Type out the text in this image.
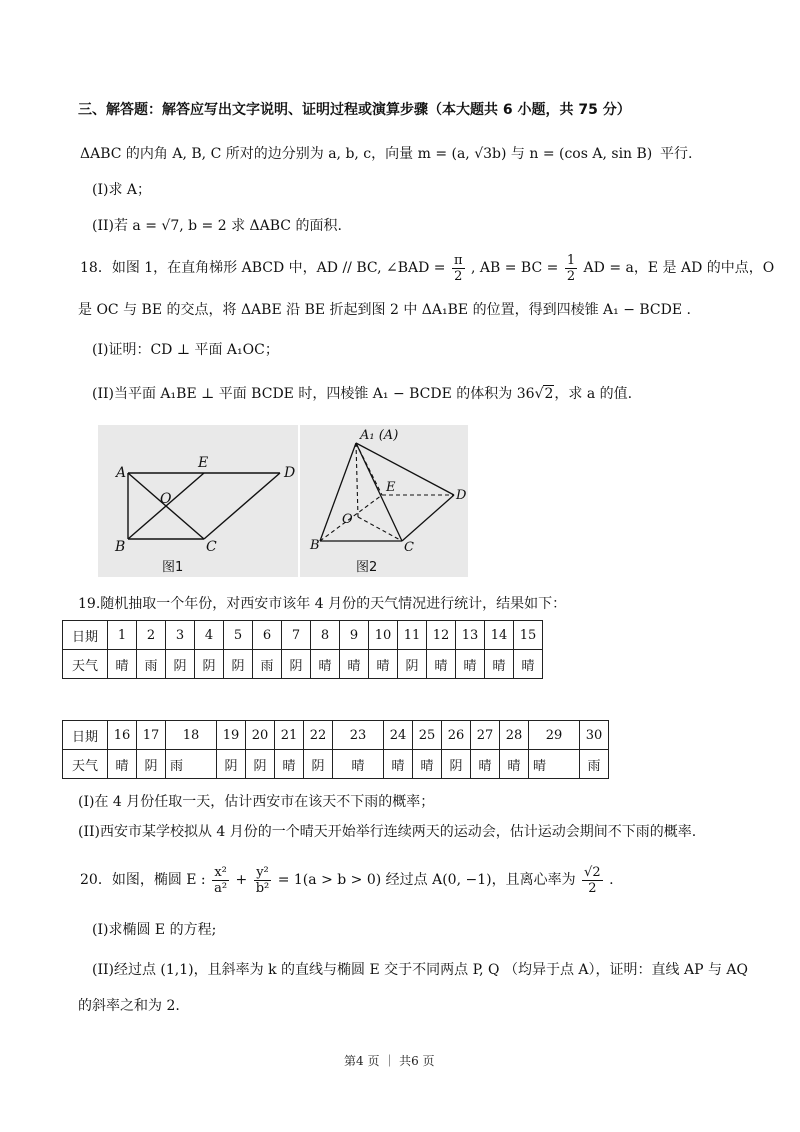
三、解答题：解答应写出文字说明、证明过程或演算步骤（本大题共 6 小题，共 75 分）
ΔABC 的内角 A, B, C 所对的边分别为 a, b, c，向量 m = (a, √3b) 与 n = (cos A, sin B) 平行.
(I)求 A；
(II)若 a = √7, b = 2 求 ΔABC 的面积.
18．如图 1，在直角梯形 ABCD 中，AD // BC, ∠BAD = $\frac{\pi}{2}$ , AB = BC = $\frac{1}{2}$ AD = a，E 是 AD 的中点，O
是 OC 与 BE 的交点，将 ΔABE 沿 BE 折起到图 2 中 ΔA₁BE 的位置，得到四棱锥 A₁ − BCDE .
(I)证明：CD ⊥ 平面 A₁OC；
(II)当平面 A₁BE ⊥ 平面 BCDE 时，四棱锥 A₁ − BCDE 的体积为 36√2，求 a 的值.
A
E
D
O
B	C
图1
A₁ (A)
E
D
O
B	C
图2
19.随机抽取一个年份，对西安市该年 4 月份的天气情况进行统计，结果如下：
日期	1	2	3	4	5	6	7	8	9	10	11	12	13	14	15
天气	晴	雨	阴	阴	阴	雨	阴	晴	晴	晴	阴	晴	晴	晴	晴
日期	16	17	18	19	20	21	22	23	24	25	26	27	28	29	30
天气	晴	阴	雨	阴	阴	晴	阴	晴	晴	晴	阴	晴	晴	晴	雨
(I)在 4 月份任取一天，估计西安市在该天不下雨的概率；
(II)西安市某学校拟从 4 月份的一个晴天开始举行连续两天的运动会，估计运动会期间不下雨的概率.
20．如图，椭圆 E : $\frac{\text{x²}}{\text{a²}} + \frac{\text{y²}}{\text{b²}} = 1(a > b > 0)$ 经过点 A(0, −1)，且离心率为 $\frac{√2}{2}$ .
(I)求椭圆 E 的方程;
(II)经过点 (1,1)，且斜率为 k 的直线与椭圆 E 交于不同两点 P, Q （均异于点 A），证明：直线 AP 与 AQ
的斜率之和为 2.
第4 页 ｜ 共6 页
